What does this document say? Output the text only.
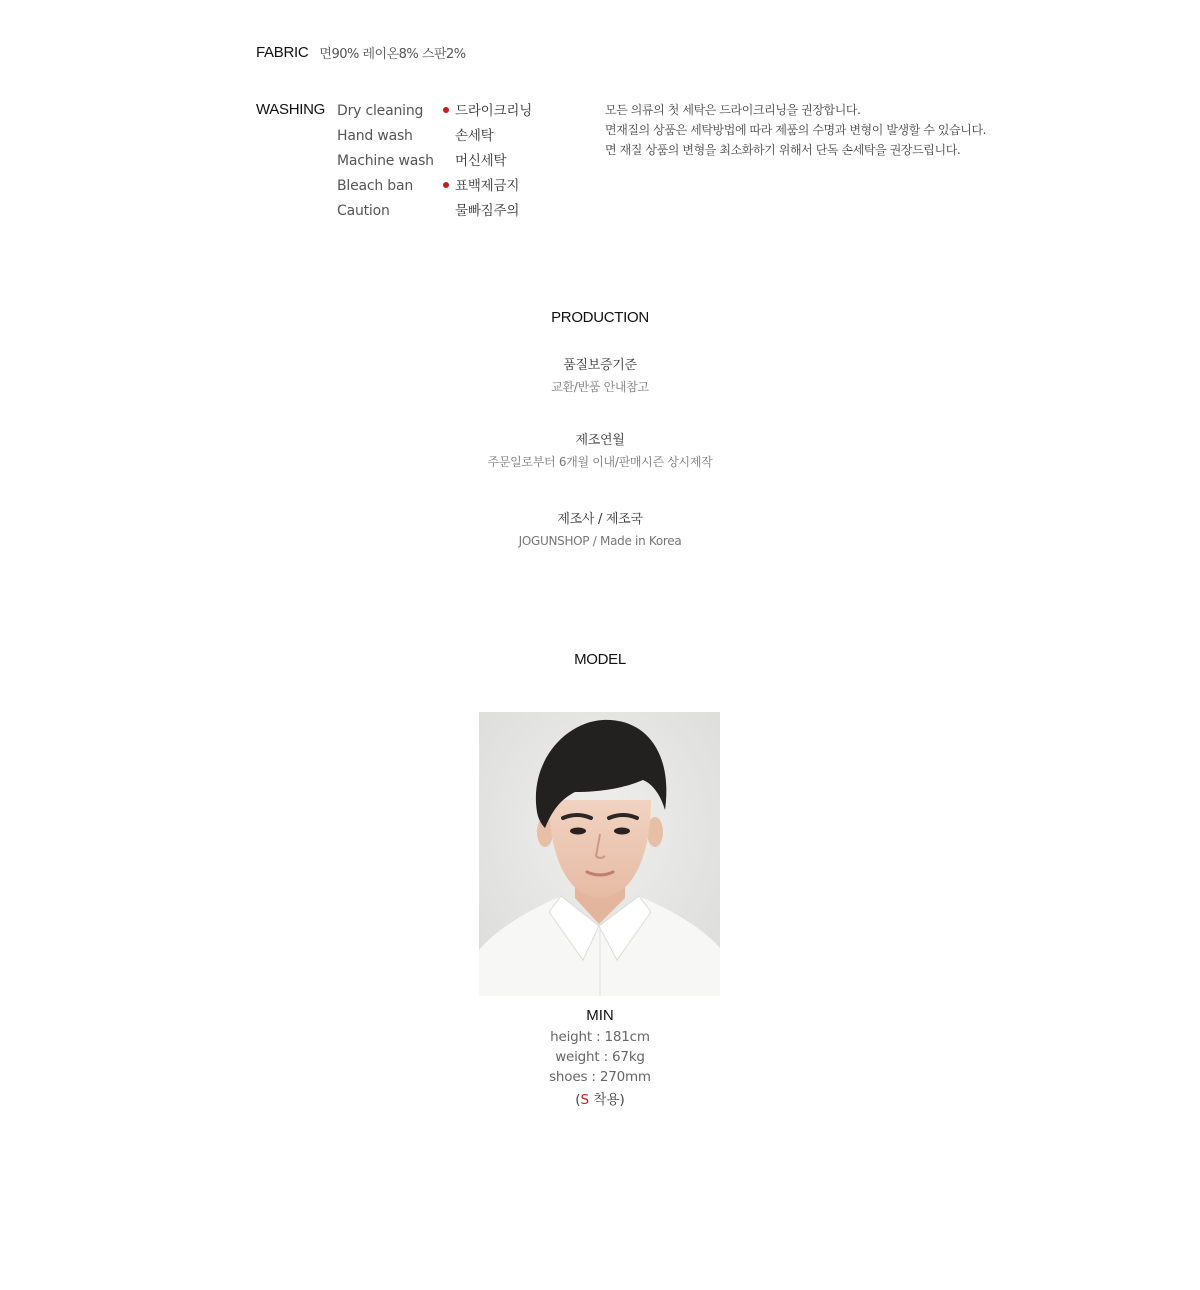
FABRIC 면90% 레이온8% 스판2%
WASHING Dry cleaning
Hand wash
Machine wash
Bleach ban
Caution
드라이크리닝
손세탁
머신세탁
표백제금지
물빠짐주의
모든 의류의 첫 세탁은 드라이크리닝을 권장합니다.
면재질의 상품은 세탁방법에 따라 제품의 수명과 변형이 발생할 수 있습니다.
면 재질 상품의 변형을 최소화하기 위해서 단독 손세탁을 권장드립니다.
PRODUCTION
품질보증기준
교환/반품 안내참고
제조연월
주문일로부터 6개월 이내/판매시즌 상시제작
제조사 / 제조국
JOGUNSHOP / Made in Korea
MODEL
MIN
height : 181cm
weight : 67kg
shoes : 270mm
(S 착용)
